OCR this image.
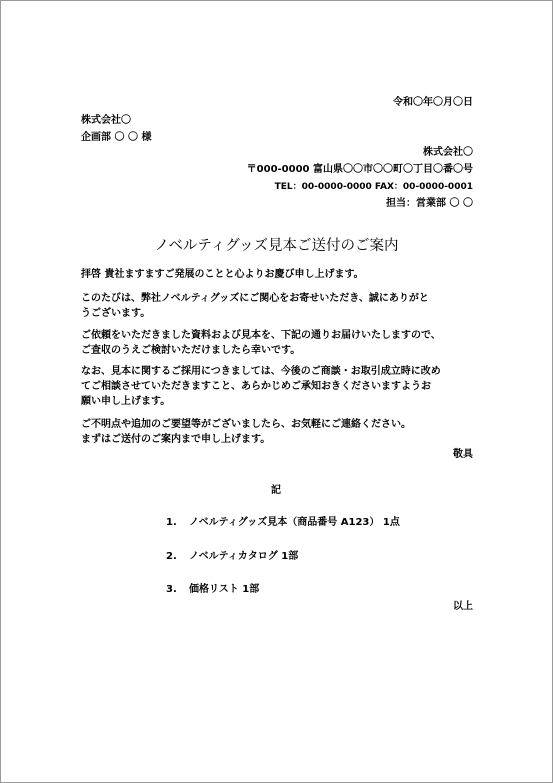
令和〇年〇月〇日
株式会社〇
企画部 〇 〇 様
株式会社〇
〒000-0000 富山県〇〇市〇〇町〇丁目〇番〇号
TEL：00-0000-0000 FAX：00-0000-0001
担当：営業部 〇 〇
ノベルティグッズ見本ご送付のご案内
拝啓 貴社ますますご発展のことと心よりお慶び申し上げます。
このたびは、弊社ノベルティグッズにご関心をお寄せいただき、誠にありがと
うございます。
ご依頼をいただきました資料および見本を、下記の通りお届けいたしますので、
ご査収のうえご検討いただけましたら幸いです。
なお、見本に関するご採用につきましては、今後のご商談・お取引成立時に改め
てご相談させていただきますこと、あらかじめご承知おきくださいますようお
願い申し上げます。
ご不明点や追加のご要望等がございましたら、お気軽にご連絡ください。
まずはご送付のご案内まで申し上げます。
敬具
記
1. ノベルティグッズ見本（商品番号 A123） 1点
2. ノベルティカタログ 1部
3. 価格リスト 1部
以上
